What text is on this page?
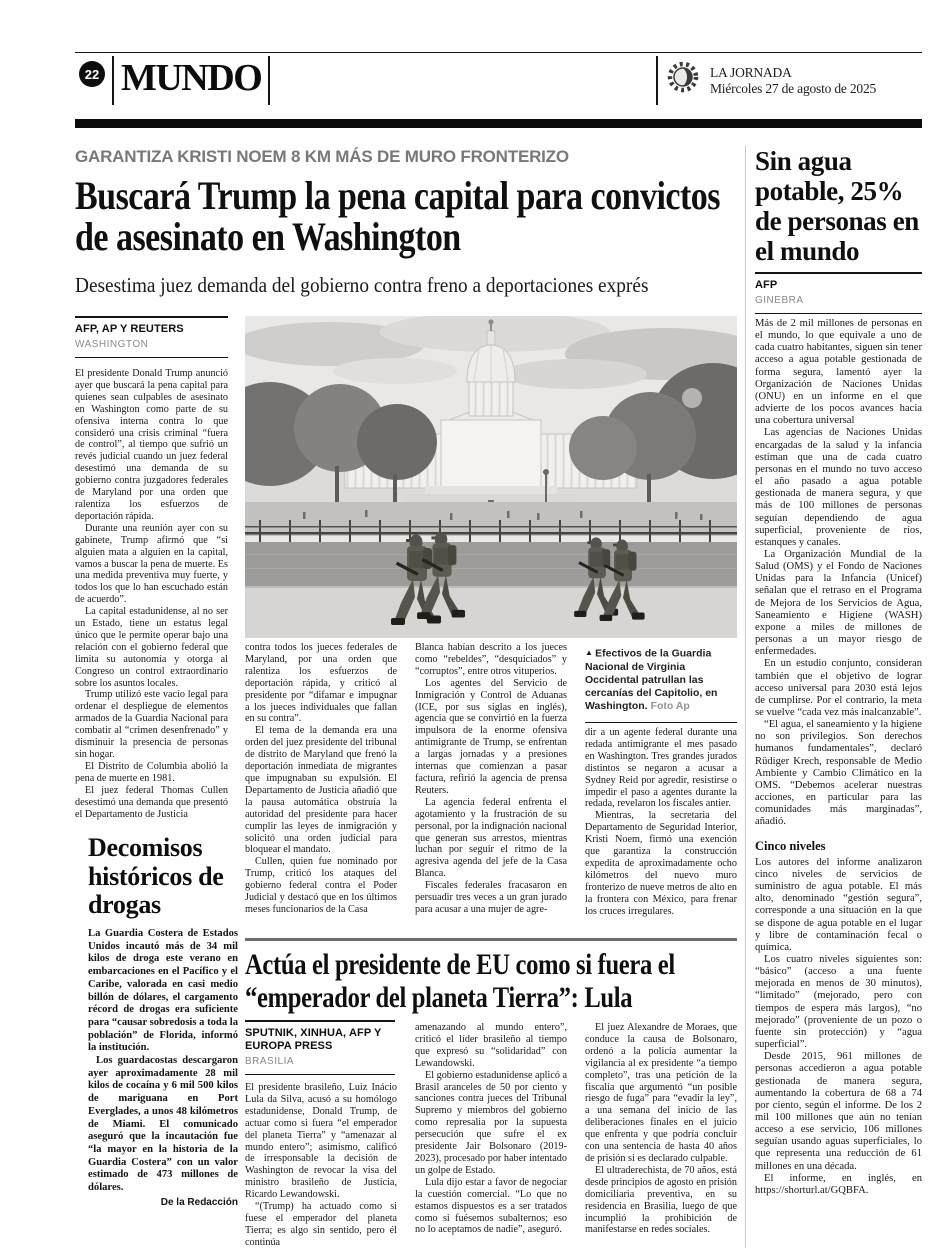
22 MUNDO	LA JORNADA
Miércoles 27 de agosto de 2025
GARANTIZA KRISTI NOEM 8 KM MÁS DE MURO FRONTERIZO
Buscará Trump la pena capital para convictos de asesinato en Washington
Desestima juez demanda del gobierno contra freno a deportaciones exprés
AFP, AP Y REUTERS
WASHINGTON
▲ Efectivos de la Guardia Nacional de Virginia Occidental patrullan las cercanías del Capitolio, en Washington. Foto Ap

El presidente Donald Trump anunció ayer que buscará la pena capital para quienes sean culpables de asesinato en Washington como parte de su ofensiva interna contra lo que consideró una crisis criminal “fuera de control”, al tiempo que sufrió un revés judicial cuando un juez federal desestimó una demanda de su gobierno contra juzgadores federales de Maryland por una orden que ralentiza los esfuerzos de deportación rápida.

Durante una reunión ayer con su gabinete, Trump afirmó que “si alguien mata a alguien en la capital, vamos a buscar la pena de muerte. Es una medida preventiva muy fuerte, y todos los que lo han escuchado están de acuerdo”.

La capital estadunidense, al no ser un Estado, tiene un estatus legal único que le permite operar bajo una relación con el gobierno federal que limita su autonomía y otorga al Congreso un control extraordinario sobre los asuntos locales.

Trump utilizó este vacío legal para ordenar el despliegue de elementos armados de la Guardia Nacional para combatir al “crimen desenfrenado” y disminuir la presencia de personas sin hogar.

El Distrito de Columbia abolió la pena de muerte en 1981.

El juez federal Thomas Cullen desestimó una demanda que presentó el Departamento de Justicia

contra todos los jueces federales de Maryland, por una orden que ralentiza los esfuerzos de deportación rápida, y criticó al presidente por “difamar e impugnar a los jueces individuales que fallan en su contra”.

El tema de la demanda era una orden del juez presidente del tribunal de distrito de Maryland que frenó la deportación inmediata de migrantes que impugnaban su expulsión. El Departamento de Justicia añadió que la pausa automática obstruía la autoridad del presidente para hacer cumplir las leyes de inmigración y solicitó una orden judicial para bloquear el mandato.

Cullen, quien fue nominado por Trump, criticó los ataques del gobierno federal contra el Poder Judicial y destacó que en los últimos meses funcionarios de la Casa

Blanca habían descrito a los jueces como “rebeldes”, “desquiciados” y “corruptos”, entre otros vituperios.

Los agentes del Servicio de Inmigración y Control de Aduanas (ICE, por sus siglas en inglés), agencia que se convirtió en la fuerza impulsora de la enorme ofensiva antimigrante de Trump, se enfrentan a largas jornadas y a presiones internas que comienzan a pasar factura, refirió la agencia de prensa Reuters.

La agencia federal enfrenta el agotamiento y la frustración de su personal, por la indignación nacional que generan sus arrestos, mientras luchan por seguir el ritmo de la agresiva agenda del jefe de la Casa Blanca.

Fiscales federales fracasaron en persuadir tres veces a un gran jurado para acusar a una mujer de agre-

dir a un agente federal durante una redada antimigrante el mes pasado en Washington. Tres grandes jurados distintos se negaron a acusar a Sydney Reid por agredir, resistirse o impedir el paso a agentes durante la redada, revelaron los fiscales antier.

Mientras, la secretaria del Departamento de Seguridad Interior, Kristi Noem, firmó una exención que garantiza la construcción expedita de aproximadamente ocho kilómetros del nuevo muro fronterizo de nueve metros de alto en la frontera con México, para frenar los cruces irregulares.

Decomisos históricos de drogas

La Guardia Costera de Estados Unidos incautó más de 34 mil kilos de droga este verano en embarcaciones en el Pacífico y el Caribe, valorada en casi medio billón de dólares, el cargamento récord de drogas era suficiente para “causar sobredosis a toda la población” de Florida, informó la institución.

Los guardacostas descargaron ayer aproximadamente 28 mil kilos de cocaína y 6 mil 500 kilos de mariguana en Port Everglades, a unos 48 kilómetros de Miami. El comunicado aseguró que la incautación fue “la mayor en la historia de la Guardia Costera” con un valor estimado de 473 millones de dólares.

De la Redacción
Actúa el presidente de EU como si fuera el “emperador del planeta Tierra”: Lula
SPUTNIK, XINHUA, AFP Y EUROPA PRESS
BRASILIA

El presidente brasileño, Luiz Inácio Lula da Silva, acusó a su homólogo estadunidense, Donald Trump, de actuar como si fuera “el emperador del planeta Tierra” y “amenazar al mundo entero”; asimismo, calificó de irresponsable la decisión de Washington de revocar la visa del ministro brasileño de Justicia, Ricardo Lewandowski.

“(Trump) ha actuado como si fuese el emperador del planeta Tierra; es algo sin sentido, pero él continúa

amenazando al mundo entero”, criticó el líder brasileño al tiempo que expresó su “solidaridad” con Lewandowski.

El gobierno estadunidense aplicó a Brasil aranceles de 50 por ciento y sanciones contra jueces del Tribunal Supremo y miembros del gobierno como represalia por la supuesta persecución que sufre el ex presidente Jair Bolsonaro (2019-2023), procesado por haber intentado un golpe de Estado.

Lula dijo estar a favor de negociar la cuestión comercial. “Lo que no estamos dispuestos es a ser tratados como si fuésemos subalternos; eso no lo aceptamos de nadie”, aseguró.

El juez Alexandre de Moraes, que conduce la causa de Bolsonaro, ordenó a la policía aumentar la vigilancia al ex presidente “a tiempo completo”, tras una petición de la fiscalía que argumentó “un posible riesgo de fuga” para “evadir la ley”, a una semana del inicio de las deliberaciones finales en el juicio que enfrenta y que podría concluir con una sentencia de hasta 40 años de prisión si es declarado culpable.

El ultraderechista, de 70 años, está desde principios de agosto en prisión domiciliaria preventiva, en su residencia en Brasilia, luego de que incumplió la prohibición de manifestarse en redes sociales.

Sin agua potable, 25% de personas en el mundo
AFP
GINEBRA

Más de 2 mil millones de personas en el mundo, lo que equivale a uno de cada cuatro habitantes, siguen sin tener acceso a agua potable gestionada de forma segura, lamentó ayer la Organización de Naciones Unidas (ONU) en un informe en el que advierte de los pocos avances hacia una cobertura universal

Las agencias de Naciones Unidas encargadas de la salud y la infancia estiman que una de cada cuatro personas en el mundo no tuvo acceso el año pasado a agua potable gestionada de manera segura, y que más de 100 millones de personas seguían dependiendo de agua superficial, proveniente de ríos, estanques y canales.

La Organización Mundial de la Salud (OMS) y el Fondo de Naciones Unidas para la Infancia (Unicef) señalan que el retraso en el Programa de Mejora de los Servicios de Agua, Saneamiento e Higiene (WASH) expone a miles de millones de personas a un mayor riesgo de enfermedades.

En un estudio conjunto, consideran también que el objetivo de lograr acceso universal para 2030 está lejos de cumplirse. Por el contrario, la meta se vuelve “cada vez más inalcanzable”.

“El agua, el saneamiento y la higiene no son privilegios. Son derechos humanos fundamentales”, declaró Rüdiger Krech, responsable de Medio Ambiente y Cambio Climático en la OMS. “Debemos acelerar nuestras acciones, en particular para las comunidades más marginadas”, añadió.

Cinco niveles

Los autores del informe analizaron cinco niveles de servicios de suministro de agua potable. El más alto, denominado “gestión segura”, corresponde a una situación en la que se dispone de agua potable en el lugar y libre de contaminación fecal o química.

Los cuatro niveles siguientes son: “básico” (acceso a una fuente mejorada en menos de 30 minutos), “limitado” (mejorado, pero con tiempos de espera más largos), “no mejorado” (proveniente de un pozo o fuente sin protección) y “agua superficial”.

Desde 2015, 961 millones de personas accedieron a agua potable gestionada de manera segura, aumentando la cobertura de 68 a 74 por ciento, según el informe. De los 2 mil 100 millones que aún no tenían acceso a ese servicio, 106 millones seguían usando aguas superficiales, lo que representa una reducción de 61 millones en una década.

El informe, en inglés, en https://shorturl.at/GQBFA.
